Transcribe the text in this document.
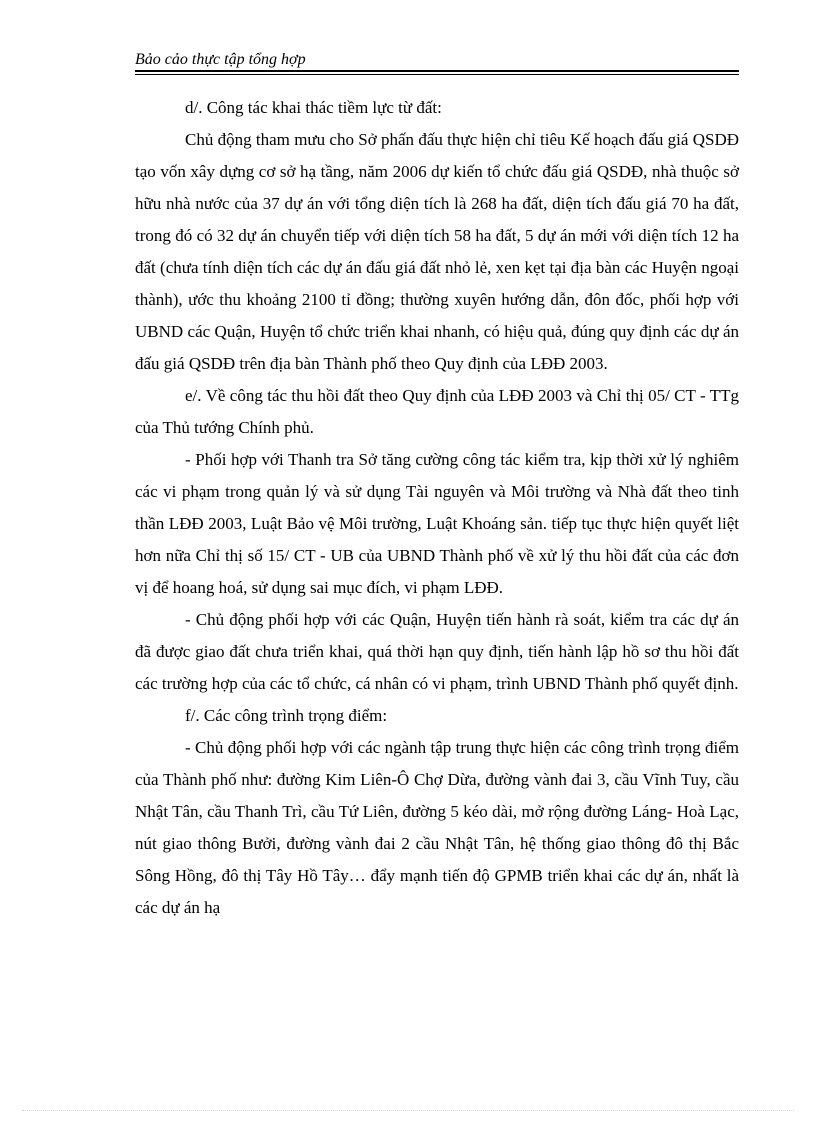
Bảo cảo thực tập tổng hợp

d/. Công tác khai thác tiềm lực từ đất:

Chủ động tham mưu cho Sở phấn đấu thực hiện chỉ tiêu Kế hoạch đấu giá QSDĐ tạo vốn xây dựng cơ sở hạ tầng, năm 2006 dự kiến tổ chức đấu giá QSDĐ, nhà thuộc sở hữu nhà nước của 37 dự án với tổng diện tích là 268 ha đất, diện tích đấu giá 70 ha đất, trong đó có 32 dự án chuyển tiếp với diện tích 58 ha đất, 5 dự án mới với diện tích 12 ha đất (chưa tính diện tích các dự án đấu giá đất nhỏ lẻ, xen kẹt tại địa bàn các Huyện ngoại thành), ước thu khoảng 2100 tỉ đồng; thường xuyên hướng dẫn, đôn đốc, phối hợp với UBND các Quận, Huyện tổ chức triển khai nhanh, có hiệu quả, đúng quy định các dự án đấu giá QSDĐ trên địa bàn Thành phố theo Quy định của LĐĐ 2003.

e/. Về công tác thu hồi đất theo Quy định của LĐĐ 2003 và Chỉ thị 05/ CT - TTg của Thủ tướng Chính phủ.

- Phối hợp với Thanh tra Sở tăng cường công tác kiểm tra, kịp thời xử lý nghiêm các vi phạm trong quản lý và sử dụng Tài nguyên và Môi trường và Nhà đất theo tinh thần LĐĐ 2003, Luật Bảo vệ Môi trường, Luật Khoáng sản. tiếp tục thực hiện quyết liệt hơn nữa Chỉ thị số 15/ CT - UB của UBND Thành phố về xử lý thu hồi đất của các đơn vị để hoang hoá, sử dụng sai mục đích, vi phạm LĐĐ.

- Chủ động phối hợp với các Quận, Huyện tiến hành rà soát, kiểm tra các dự án đã được giao đất chưa triển khai, quá thời hạn quy định, tiến hành lập hồ sơ thu hồi đất các trường hợp của các tổ chức, cá nhân có vi phạm, trình UBND Thành phố quyết định.

f/. Các công trình trọng điểm:

- Chủ động phối hợp với các ngành tập trung thực hiện các công trình trọng điểm của Thành phố như: đường Kim Liên-Ô Chợ Dừa, đường vành đai 3, cầu Vĩnh Tuy, cầu Nhật Tân, cầu Thanh Trì, cầu Tứ Liên, đường 5 kéo dài, mở rộng đường Láng- Hoà Lạc, nút giao thông Bưởi, đường vành đai 2 cầu Nhật Tân, hệ thống giao thông đô thị Bắc Sông Hồng, đô thị Tây Hồ Tây… đẩy mạnh tiến độ GPMB triển khai các dự án, nhất là các dự án hạ
